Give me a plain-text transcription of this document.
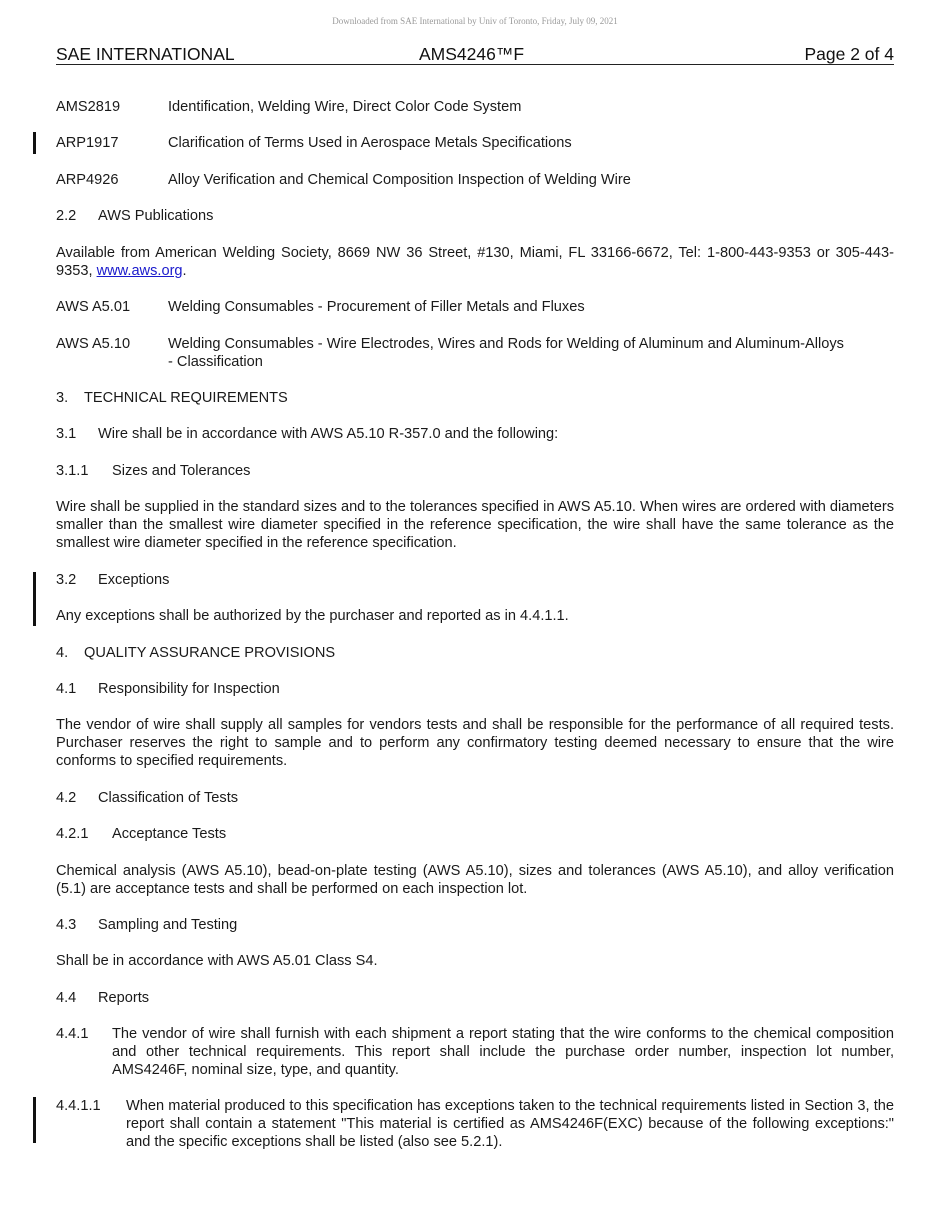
Downloaded from SAE International by Univ of Toronto, Friday, July 09, 2021
SAE INTERNATIONAL	AMS4246™F	Page 2 of 4
AMS2819	Identification, Welding Wire, Direct Color Code System
ARP1917	Clarification of Terms Used in Aerospace Metals Specifications
ARP4926	Alloy Verification and Chemical Composition Inspection of Welding Wire
2.2 AWS Publications
Available from American Welding Society, 8669 NW 36 Street, #130, Miami, FL 33166-6672, Tel: 1-800-443-9353 or 305-443-9353, www.aws.org.
AWS A5.01	Welding Consumables - Procurement of Filler Metals and Fluxes
AWS A5.10	Welding Consumables - Wire Electrodes, Wires and Rods for Welding of Aluminum and Aluminum-Alloys
- Classification
3. TECHNICAL REQUIREMENTS
3.1 Wire shall be in accordance with AWS A5.10 R-357.0 and the following:
3.1.1 Sizes and Tolerances
Wire shall be supplied in the standard sizes and to the tolerances specified in AWS A5.10. When wires are ordered with diameters smaller than the smallest wire diameter specified in the reference specification, the wire shall have the same tolerance as the smallest wire diameter specified in the reference specification.
3.2 Exceptions
Any exceptions shall be authorized by the purchaser and reported as in 4.4.1.1.
4. QUALITY ASSURANCE PROVISIONS
4.1 Responsibility for Inspection
The vendor of wire shall supply all samples for vendors tests and shall be responsible for the performance of all required tests. Purchaser reserves the right to sample and to perform any confirmatory testing deemed necessary to ensure that the wire conforms to specified requirements.
4.2 Classification of Tests
4.2.1 Acceptance Tests
Chemical analysis (AWS A5.10), bead-on-plate testing (AWS A5.10), sizes and tolerances (AWS A5.10), and alloy verification (5.1) are acceptance tests and shall be performed on each inspection lot.
4.3 Sampling and Testing
Shall be in accordance with AWS A5.01 Class S4.
4.4 Reports
4.4.1 The vendor of wire shall furnish with each shipment a report stating that the wire conforms to the chemical composition and other technical requirements. This report shall include the purchase order number, inspection lot number, AMS4246F, nominal size, type, and quantity.
4.4.1.1 When material produced to this specification has exceptions taken to the technical requirements listed in Section 3, the report shall contain a statement "This material is certified as AMS4246F(EXC) because of the following exceptions:" and the specific exceptions shall be listed (also see 5.2.1).
